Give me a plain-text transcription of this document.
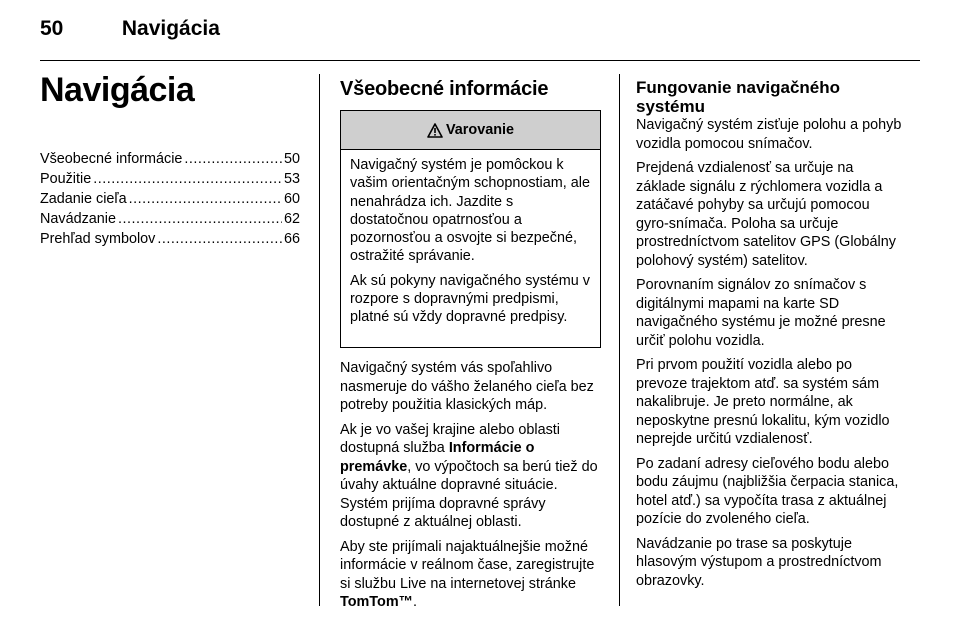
50	Navigácia
Navigácia
Všeobecné informácie .....	50
Použitie .....	53
Zadanie cieľa .....	60
Navádzanie .....	62
Prehľad symbolov .....	66
Všeobecné informácie
Varovanie

Navigačný systém je pomôckou k vašim orientačným schopnostiam, ale nenahrádza ich. Jazdite s dostatočnou opatrnosťou a pozornosťou a osvojte si bezpečné, ostražité správanie.

Ak sú pokyny navigačného systému v rozpore s dopravnými predpismi, platné sú vždy dopravné predpisy.

Navigačný systém vás spoľahlivo nasmeruje do vášho želaného cieľa bez potreby použitia klasických máp.

Ak je vo vašej krajine alebo oblasti dostupná služba Informácie o premávke, vo výpočtoch sa berú tiež do úvahy aktuálne dopravné situácie. Systém prijíma dopravné správy dostupné z aktuálnej oblasti.

Aby ste prijímali najaktuálnejšie možné informácie v reálnom čase, zaregistrujte si službu Live na internetovej stránke TomTom™.

Fungovanie navigačného systému

Navigačný systém zisťuje polohu a pohyb vozidla pomocou snímačov.

Prejdená vzdialenosť sa určuje na základe signálu z rýchlomera vozidla a zatáčavé pohyby sa určujú pomocou gyro-snímača. Poloha sa určuje prostredníctvom satelitov GPS (Globálny polohový systém) satelitov.

Porovnaním signálov zo snímačov s digitálnymi mapami na karte SD navigačného systému je možné presne určiť polohu vozidla.

Pri prvom použití vozidla alebo po prevoze trajektom atď. sa systém sám nakalibruje. Je preto normálne, ak neposkytne presnú lokalitu, kým vozidlo neprejde určitú vzdialenosť.

Po zadaní adresy cieľového bodu alebo bodu záujmu (najbližšia čerpacia stanica, hotel atď.) sa vypočíta trasa z aktuálnej pozície do zvoleného cieľa.

Navádzanie po trase sa poskytuje hlasovým výstupom a prostredníctvom obrazovky.
